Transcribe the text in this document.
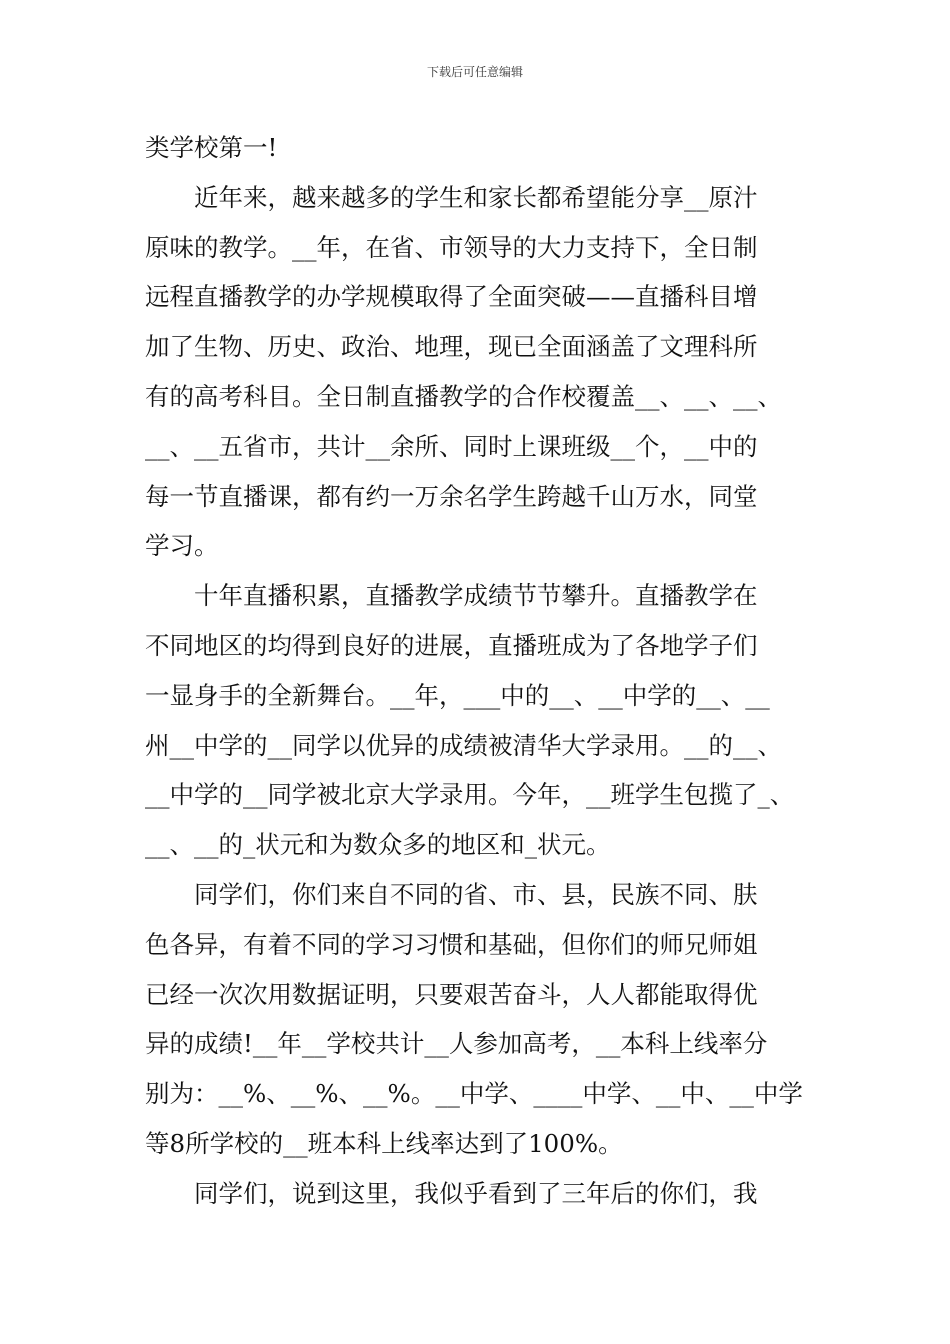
下载后可任意编辑
类学校第一!
近年来，越来越多的学生和家长都希望能分享__原汁
原味的教学。__年，在省、市领导的大力支持下，全日制
远程直播教学的办学规模取得了全面突破——直播科目增
加了生物、历史、政治、地理，现已全面涵盖了文理科所
有的高考科目。全日制直播教学的合作校覆盖__、__、__、
__、__五省市，共计__余所、同时上课班级__个，__中的
每一节直播课，都有约一万余名学生跨越千山万水，同堂
学习。
十年直播积累，直播教学成绩节节攀升。直播教学在
不同地区的均得到良好的进展，直播班成为了各地学子们
一显身手的全新舞台。__年，___中的__、__中学的__、__
州__中学的__同学以优异的成绩被清华大学录用。__的__、
__中学的__同学被北京大学录用。今年，__班学生包揽了_、
__、__的_状元和为数众多的地区和_状元。
同学们，你们来自不同的省、市、县，民族不同、肤
色各异，有着不同的学习习惯和基础，但你们的师兄师姐
已经一次次用数据证明，只要艰苦奋斗，人人都能取得优
异的成绩!__年__学校共计__人参加高考，__本科上线率分
别为：__%、__%、__%。__中学、____中学、__中、__中学
等8所学校的__班本科上线率达到了100%。
同学们，说到这里，我似乎看到了三年后的你们，我
